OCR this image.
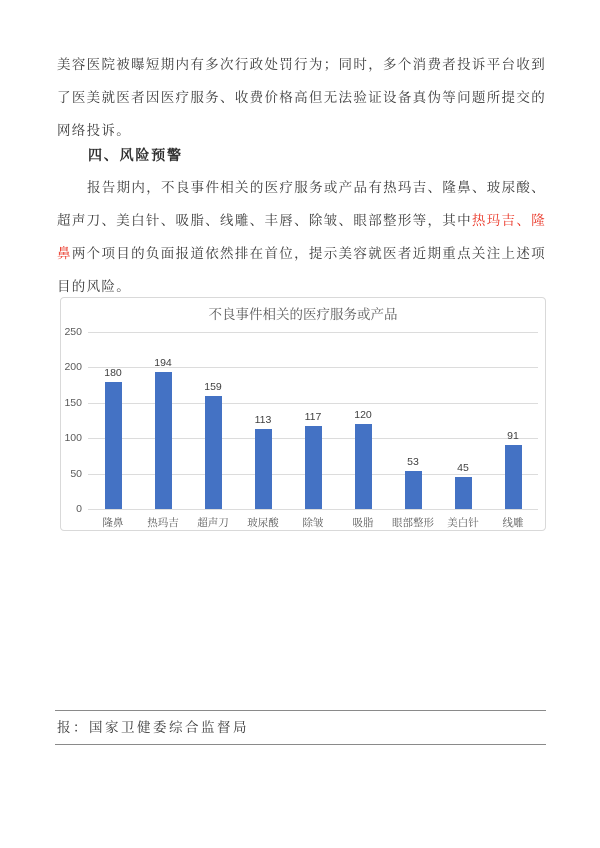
美容医院被曝短期内有多次行政处罚行为；同时，多个消费者投诉平台收到了医美就医者因医疗服务、收费价格高但无法验证设备真伪等问题所提交的网络投诉。

四、风险预警

报告期内，不良事件相关的医疗服务或产品有热玛吉、隆鼻、玻尿酸、超声刀、美白针、吸脂、线雕、丰唇、除皱、眼部整形等，其中热玛吉、隆鼻两个项目的负面报道依然排在首位，提示美容就医者近期重点关注上述项目的风险。

不良事件相关的医疗服务或产品
0
50
100
150
200
250
180
194
159
113	117	120
53	45
91
隆鼻	热玛吉	超声刀	玻尿酸	除皱	吸脂	眼部整形	美白针	线雕
报：国家卫健委综合监督局
